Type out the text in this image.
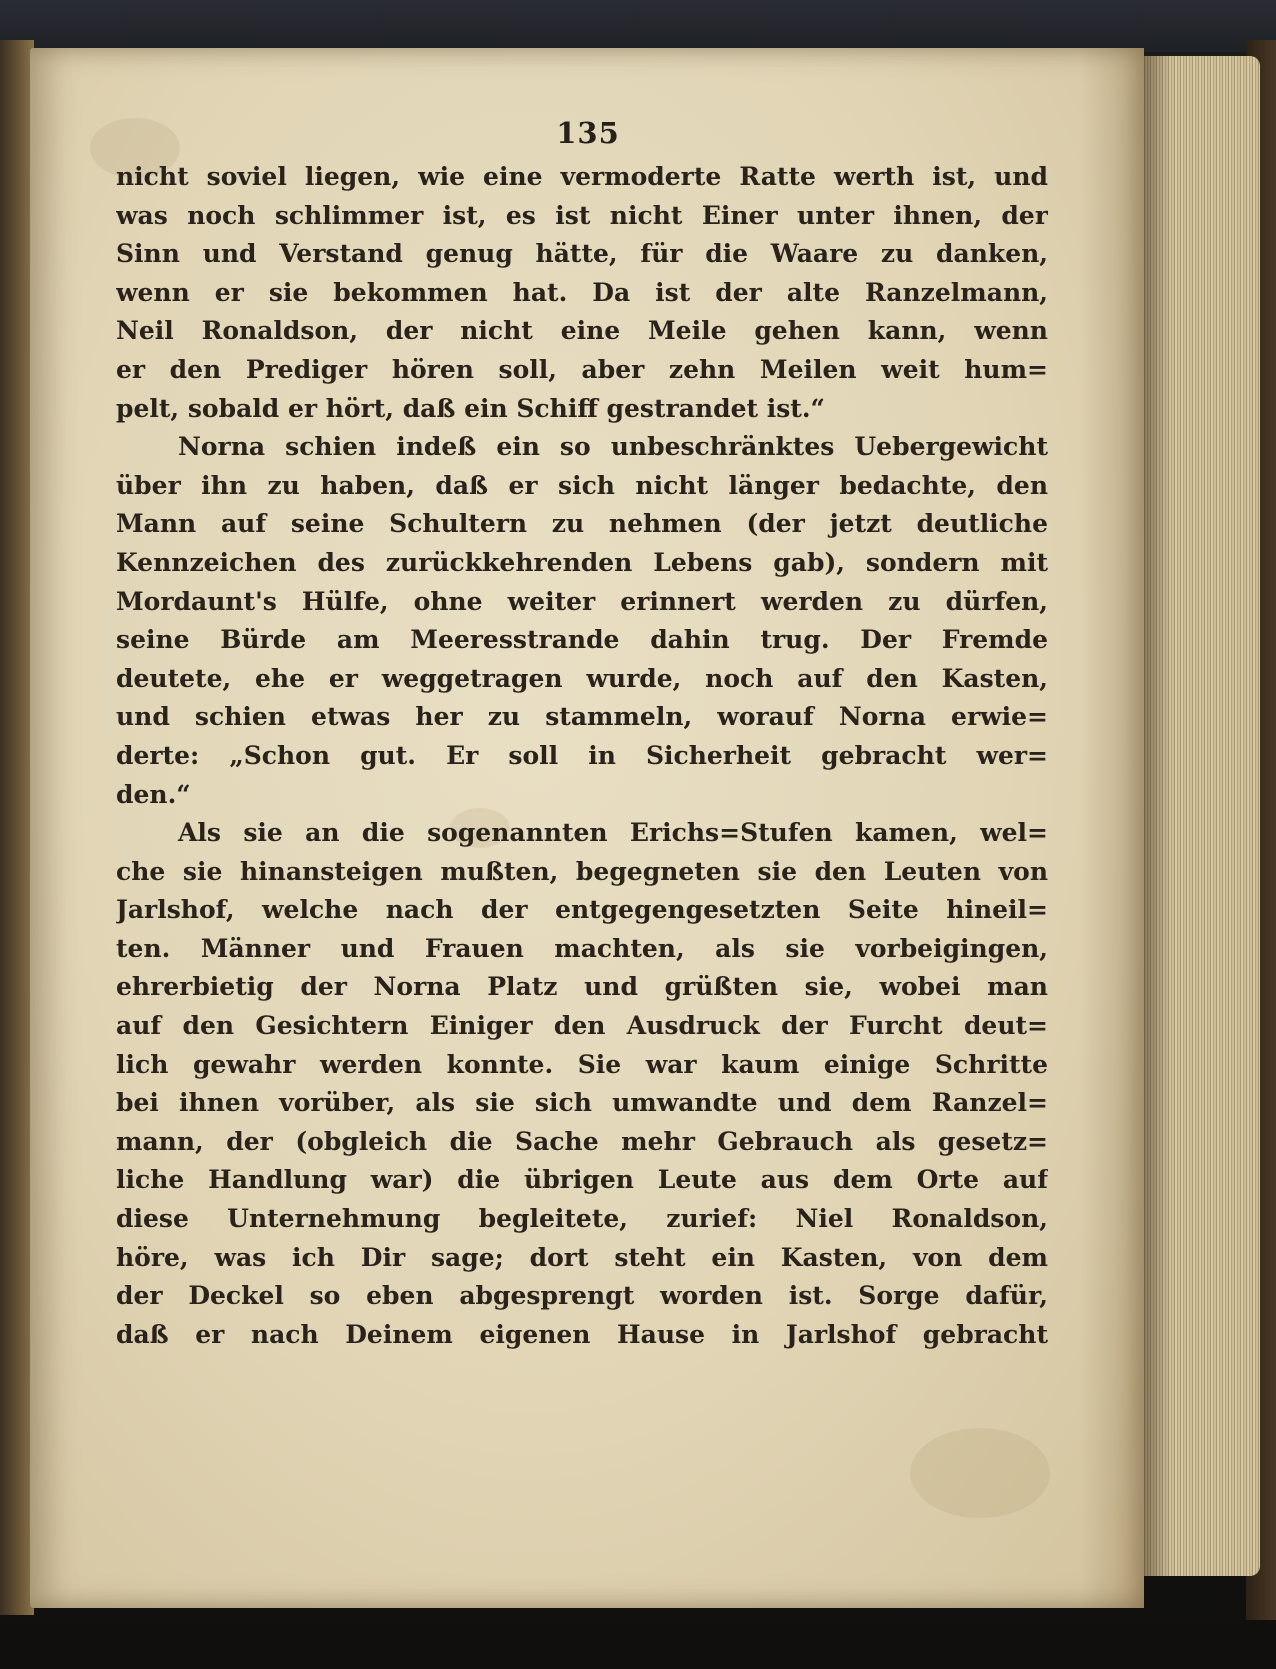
135
nicht soviel liegen, wie eine vermoderte Ratte werth ist, und
was noch schlimmer ist, es ist nicht Einer unter ihnen, der
Sinn und Verstand genug hätte, für die Waare zu danken,
wenn er sie bekommen hat. Da ist der alte Ranzelmann,
Neil Ronaldson, der nicht eine Meile gehen kann, wenn
er den Prediger hören soll, aber zehn Meilen weit hum=
pelt, sobald er hört, daß ein Schiff gestrandet ist.“
Norna schien indeß ein so unbeschränktes Uebergewicht
über ihn zu haben, daß er sich nicht länger bedachte, den
Mann auf seine Schultern zu nehmen (der jetzt deutliche
Kennzeichen des zurückkehrenden Lebens gab), sondern mit
Mordaunt's Hülfe, ohne weiter erinnert werden zu dürfen,
seine Bürde am Meeresstrande dahin trug. Der Fremde
deutete, ehe er weggetragen wurde, noch auf den Kasten,
und schien etwas her zu stammeln, worauf Norna erwie=
derte: „Schon gut. Er soll in Sicherheit gebracht wer=
den.“
Als sie an die sogenannten Erichs=Stufen kamen, wel=
che sie hinansteigen mußten, begegneten sie den Leuten von
Jarlshof, welche nach der entgegengesetzten Seite hineil=
ten. Männer und Frauen machten, als sie vorbeigingen,
ehrerbietig der Norna Platz und grüßten sie, wobei man
auf den Gesichtern Einiger den Ausdruck der Furcht deut=
lich gewahr werden konnte. Sie war kaum einige Schritte
bei ihnen vorüber, als sie sich umwandte und dem Ranzel=
mann, der (obgleich die Sache mehr Gebrauch als gesetz=
liche Handlung war) die übrigen Leute aus dem Orte auf
diese Unternehmung begleitete, zurief: Niel Ronaldson,
höre, was ich Dir sage; dort steht ein Kasten, von dem
der Deckel so eben abgesprengt worden ist. Sorge dafür,
daß er nach Deinem eigenen Hause in Jarlshof gebracht
